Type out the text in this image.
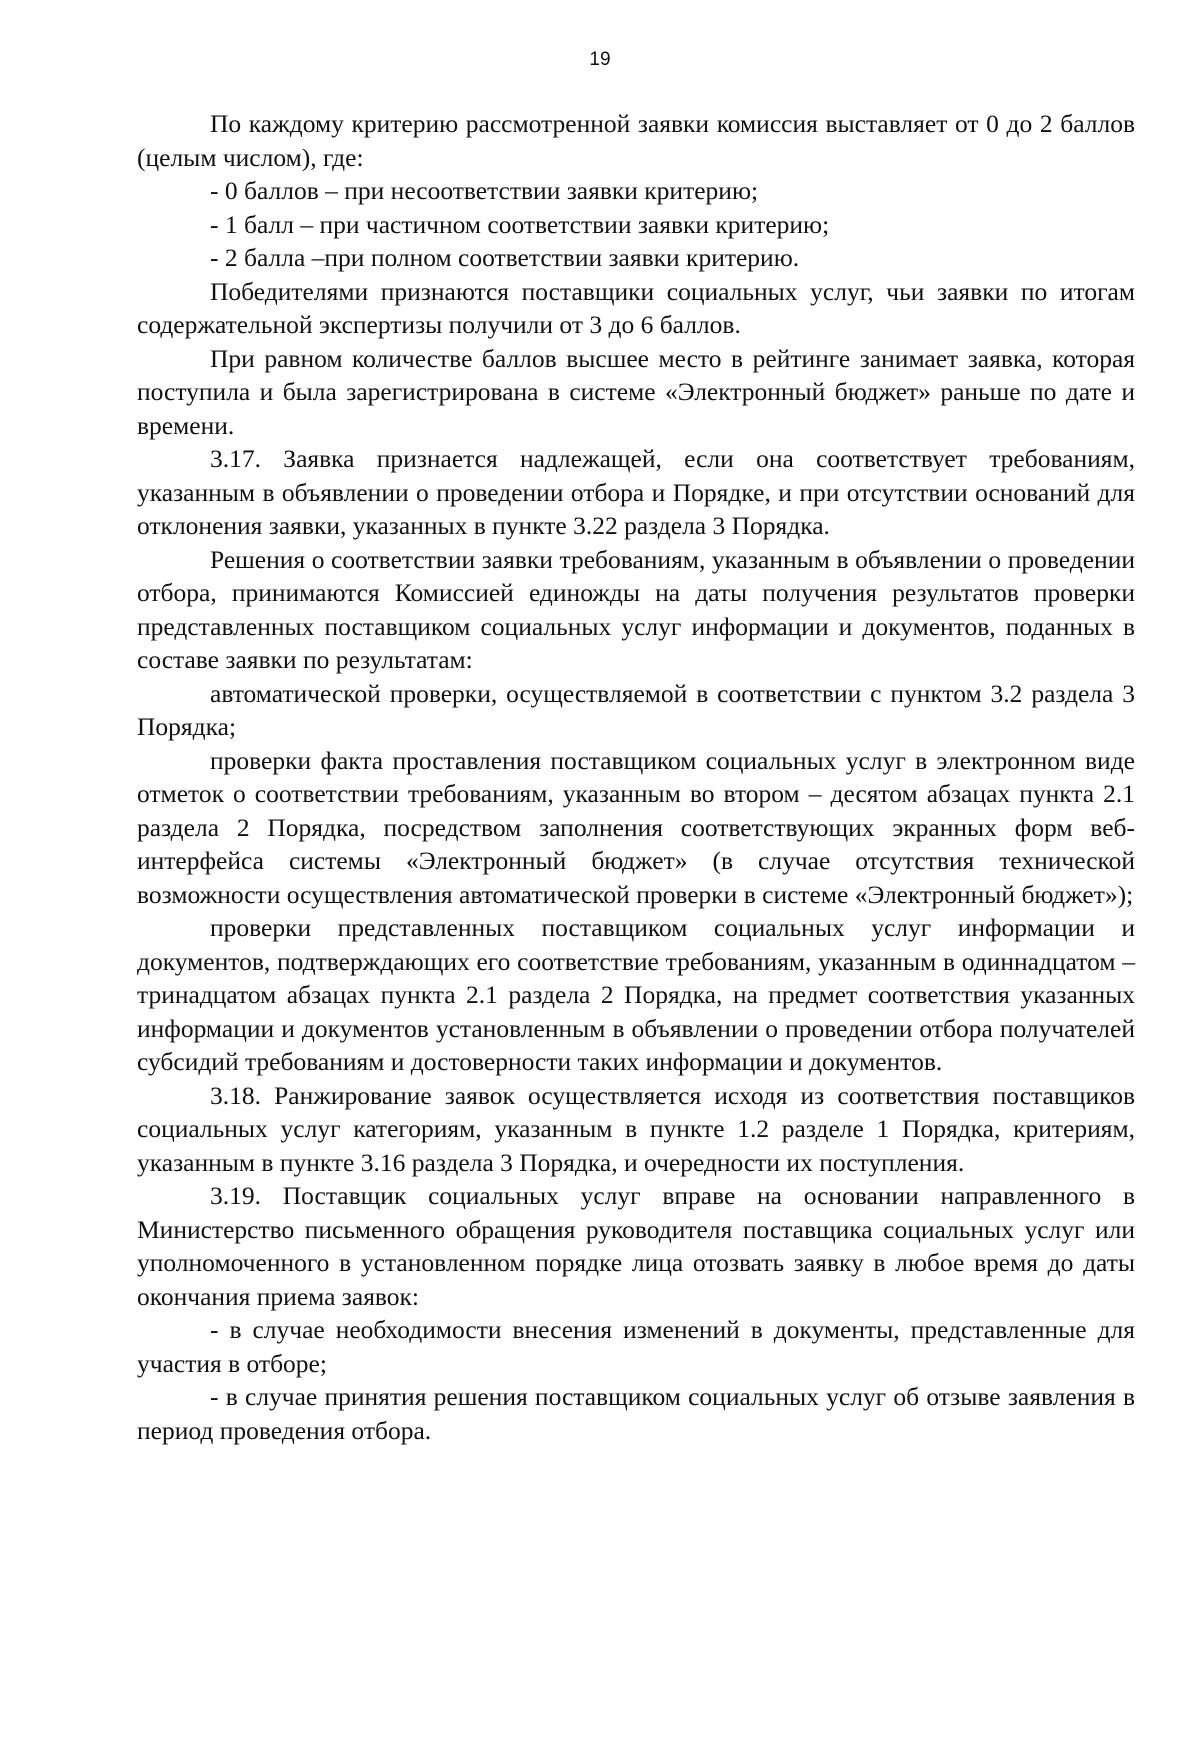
19

По каждому критерию рассмотренной заявки комиссия выставляет от 0 до 2 баллов (целым числом), где:

- 0 баллов – при несоответствии заявки критерию;

- 1 балл – при частичном соответствии заявки критерию;

- 2 балла –при полном соответствии заявки критерию.

Победителями признаются поставщики социальных услуг, чьи заявки по итогам содержательной экспертизы получили от 3 до 6 баллов.

При равном количестве баллов высшее место в рейтинге занимает заявка, которая поступила и была зарегистрирована в системе «Электронный бюджет» раньше по дате и времени.

3.17. Заявка признается надлежащей, если она соответствует требованиям, указанным в объявлении о проведении отбора и Порядке, и при отсутствии оснований для отклонения заявки, указанных в пункте 3.22 раздела 3 Порядка.

Решения о соответствии заявки требованиям, указанным в объявлении о проведении отбора, принимаются Комиссией единожды на даты получения результатов проверки представленных поставщиком социальных услуг информации и документов, поданных в составе заявки по результатам:

автоматической проверки, осуществляемой в соответствии с пунктом 3.2 раздела 3 Порядка;

проверки факта проставления поставщиком социальных услуг в электронном виде отметок о соответствии требованиям, указанным во втором – десятом абзацах пункта 2.1 раздела 2 Порядка, посредством заполнения соответствующих экранных форм веб-интерфейса системы «Электронный бюджет» (в случае отсутствия технической возможности осуществления автоматической проверки в системе «Электронный бюджет»);

проверки представленных поставщиком социальных услуг информации и документов, подтверждающих его соответствие требованиям, указанным в одиннадцатом – тринадцатом абзацах пункта 2.1 раздела 2 Порядка, на предмет соответствия указанных информации и документов установленным в объявлении о проведении отбора получателей субсидий требованиям и достоверности таких информации и документов.

3.18. Ранжирование заявок осуществляется исходя из соответствия поставщиков социальных услуг категориям, указанным в пункте 1.2 разделе 1 Порядка, критериям, указанным в пункте 3.16 раздела 3 Порядка, и очередности их поступления.

3.19. Поставщик социальных услуг вправе на основании направленного в Министерство письменного обращения руководителя поставщика социальных услуг или уполномоченного в установленном порядке лица отозвать заявку в любое время до даты окончания приема заявок:

- в случае необходимости внесения изменений в документы, представленные для участия в отборе;

- в случае принятия решения поставщиком социальных услуг об отзыве заявления в период проведения отбора.
